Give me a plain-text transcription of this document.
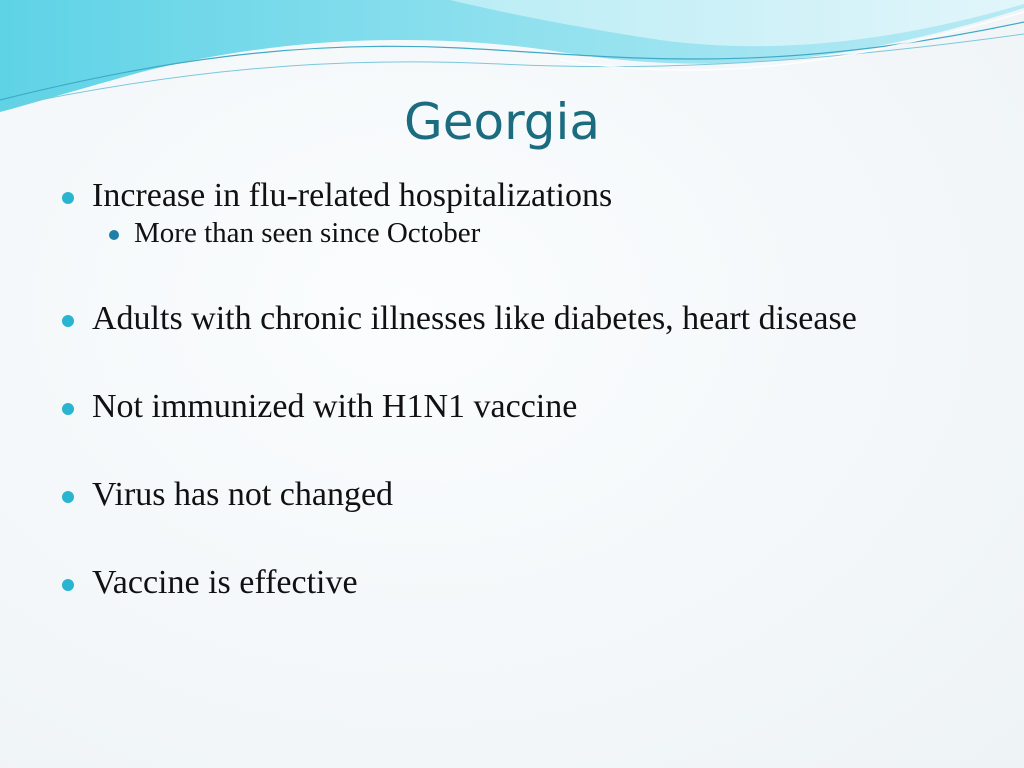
Georgia
Increase in flu-related hospitalizations
More than seen since October
Adults with chronic illnesses like diabetes, heart disease
Not immunized with H1N1 vaccine
Virus has not changed
Vaccine is effective
